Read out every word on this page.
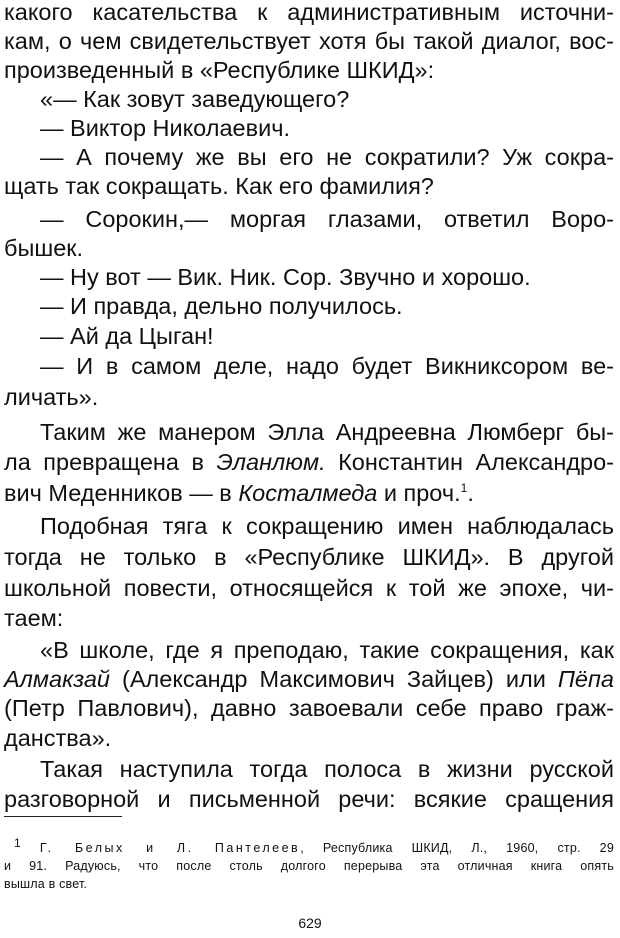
какого касательства к административным источни-
кам, о чем свидетельствует хотя бы такой диалог, вос-
произведенный в «Республике ШКИД»:
«— Как зовут заведующего?
— Виктор Николаевич.
— А почему же вы его не сократили? Уж сокра-
щать так сокращать. Как его фамилия?
— Сорокин,— моргая глазами, ответил Воро-
бышек.
— Ну вот — Вик. Ник. Сор. Звучно и хорошо.
— И правда, дельно получилось.
— Ай да Цыган!
— И в самом деле, надо будет Викниксором ве-
личать».
Таким же манером Элла Андреевна Люмберг бы-
ла превращена в Эланлюм. Константин Александро-
вич Меденников — в Косталмеда и проч.$^1$.
Подобная тяга к сокращению имен наблюдалась
тогда не только в «Республике ШКИД». В другой
школьной повести, относящейся к той же эпохе, чи-
таем:
«В школе, где я преподаю, такие сокращения, как
Алмакзай (Александр Максимович Зайцев) или Пёпа
(Петр Павлович), давно завоевали себе право граж-
данства».
Такая наступила тогда полоса в жизни русской
разговорной и письменной речи: всякие сращения
$^1$ Г. Белых и Л. Пантелеев, Республика ШКИД, Л., 1960, стр. 29
и 91. Радуюсь, что после столь долгого перерыва эта отличная книга опять
вышла в свет.
629
